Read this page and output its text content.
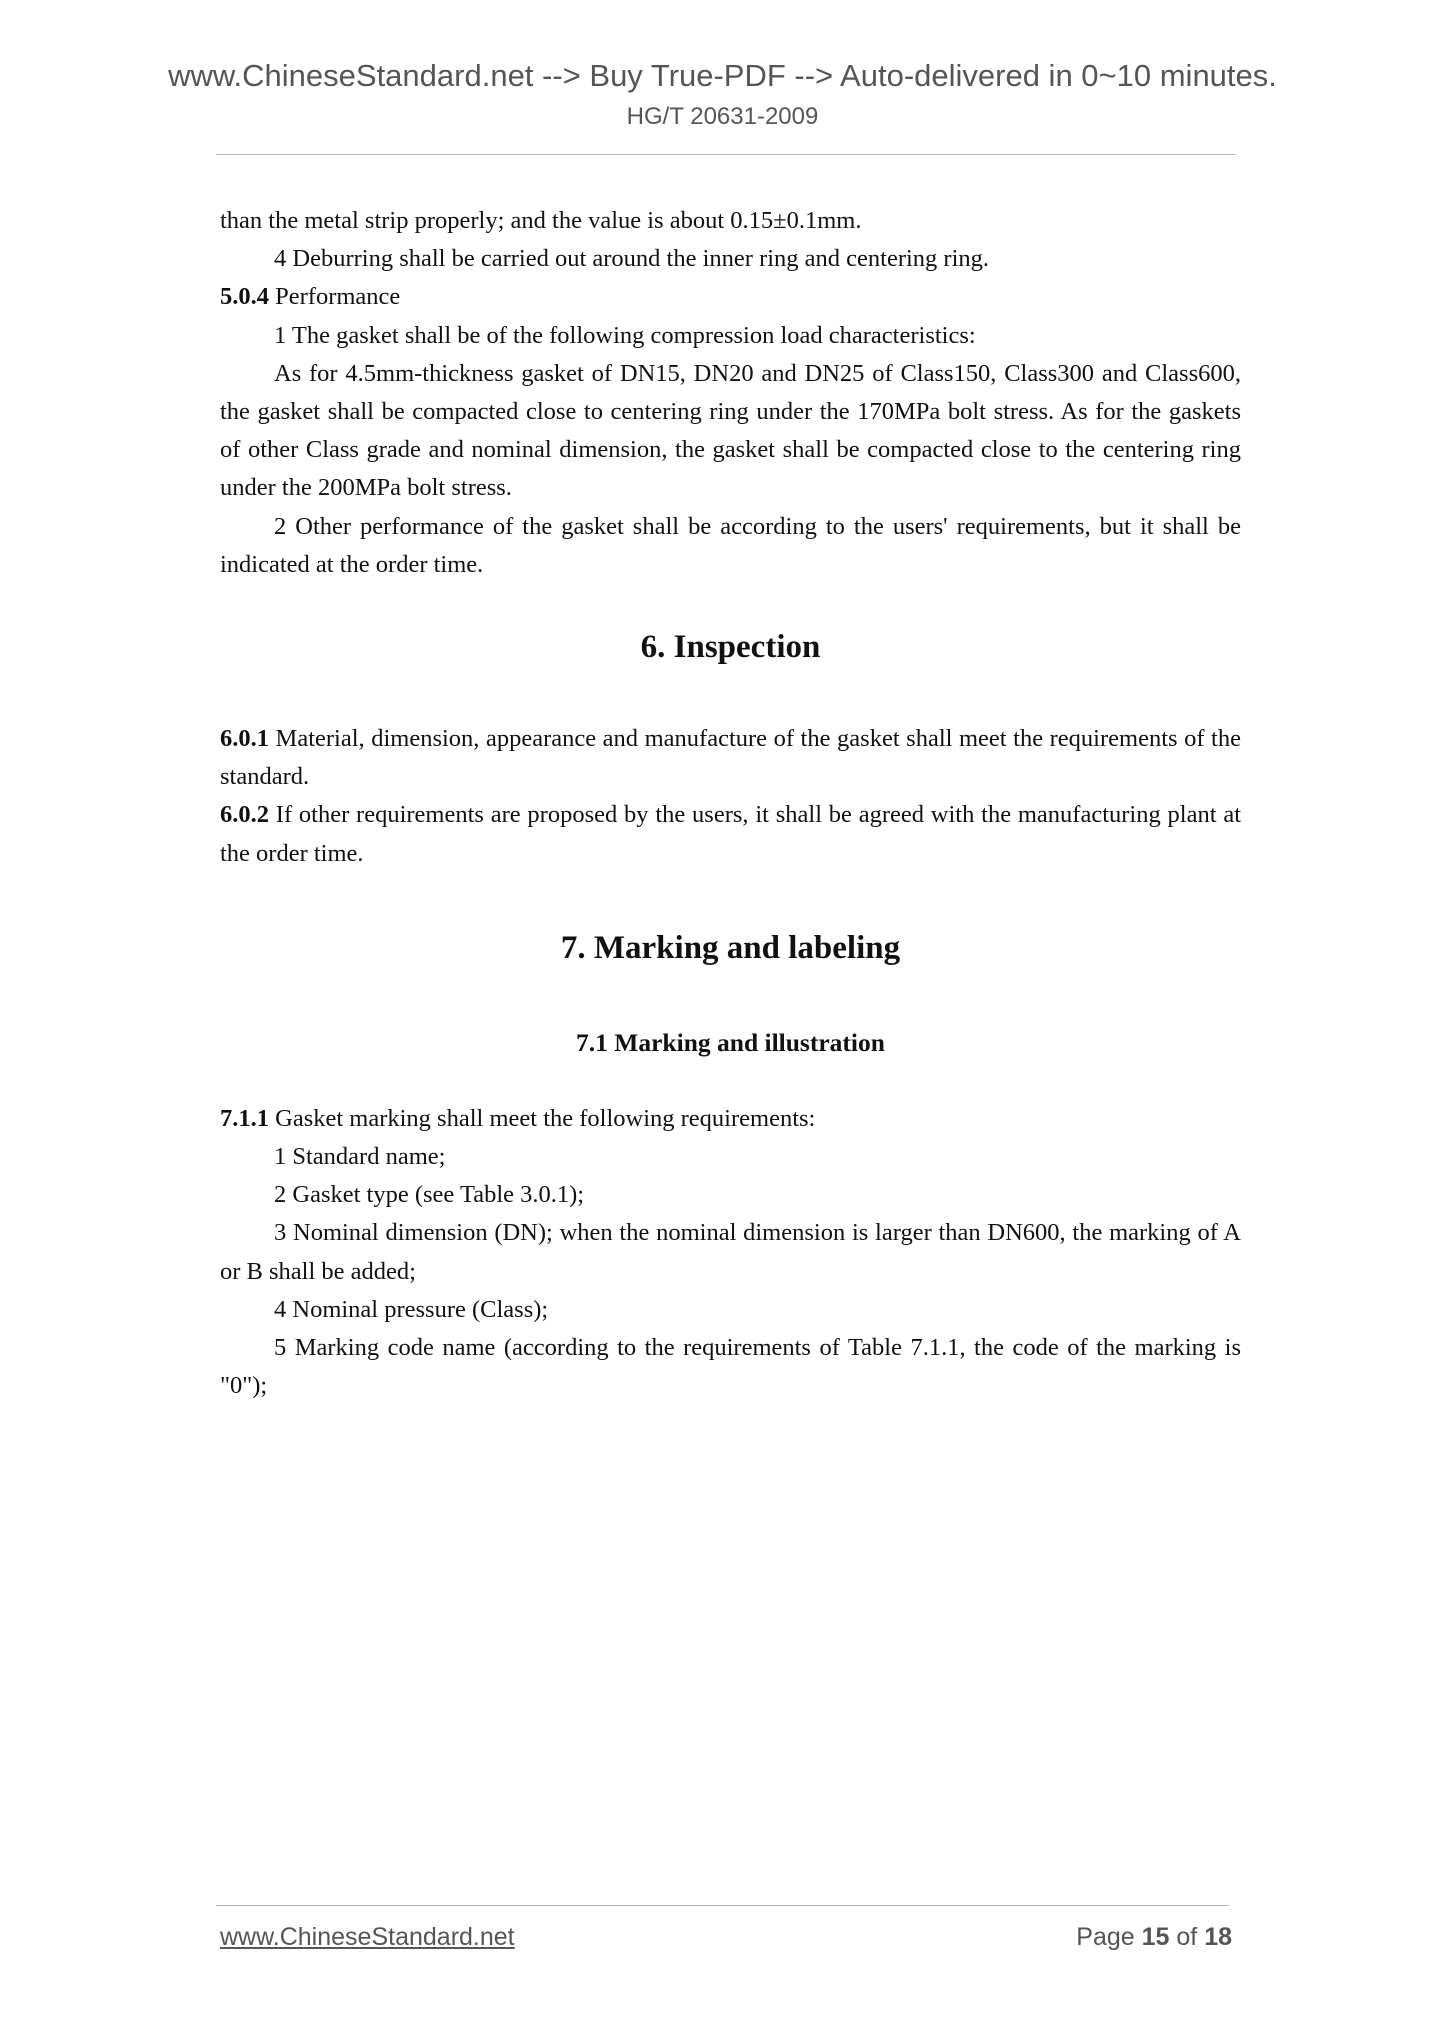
www.ChineseStandard.net --> Buy True-PDF --> Auto-delivered in 0~10 minutes.
HG/T 20631-2009

than the metal strip properly; and the value is about 0.15±0.1mm.

4 Deburring shall be carried out around the inner ring and centering ring.

5.0.4 Performance

1 The gasket shall be of the following compression load characteristics:

As for 4.5mm-thickness gasket of DN15, DN20 and DN25 of Class150, Class300 and Class600, the gasket shall be compacted close to centering ring under the 170MPa bolt stress. As for the gaskets of other Class grade and nominal dimension, the gasket shall be compacted close to the centering ring under the 200MPa bolt stress.

2 Other performance of the gasket shall be according to the users' requirements, but it shall be indicated at the order time.

6. Inspection

6.0.1 Material, dimension, appearance and manufacture of the gasket shall meet the requirements of the standard.

6.0.2 If other requirements are proposed by the users, it shall be agreed with the manufacturing plant at the order time.

7. Marking and labeling
7.1 Marking and illustration

7.1.1 Gasket marking shall meet the following requirements:

1 Standard name;

2 Gasket type (see Table 3.0.1);

3 Nominal dimension (DN); when the nominal dimension is larger than DN600, the marking of A or B shall be added;

4 Nominal pressure (Class);

5 Marking code name (according to the requirements of Table 7.1.1, the code of the marking is "0");

www.ChineseStandard.net	Page 15 of 18
